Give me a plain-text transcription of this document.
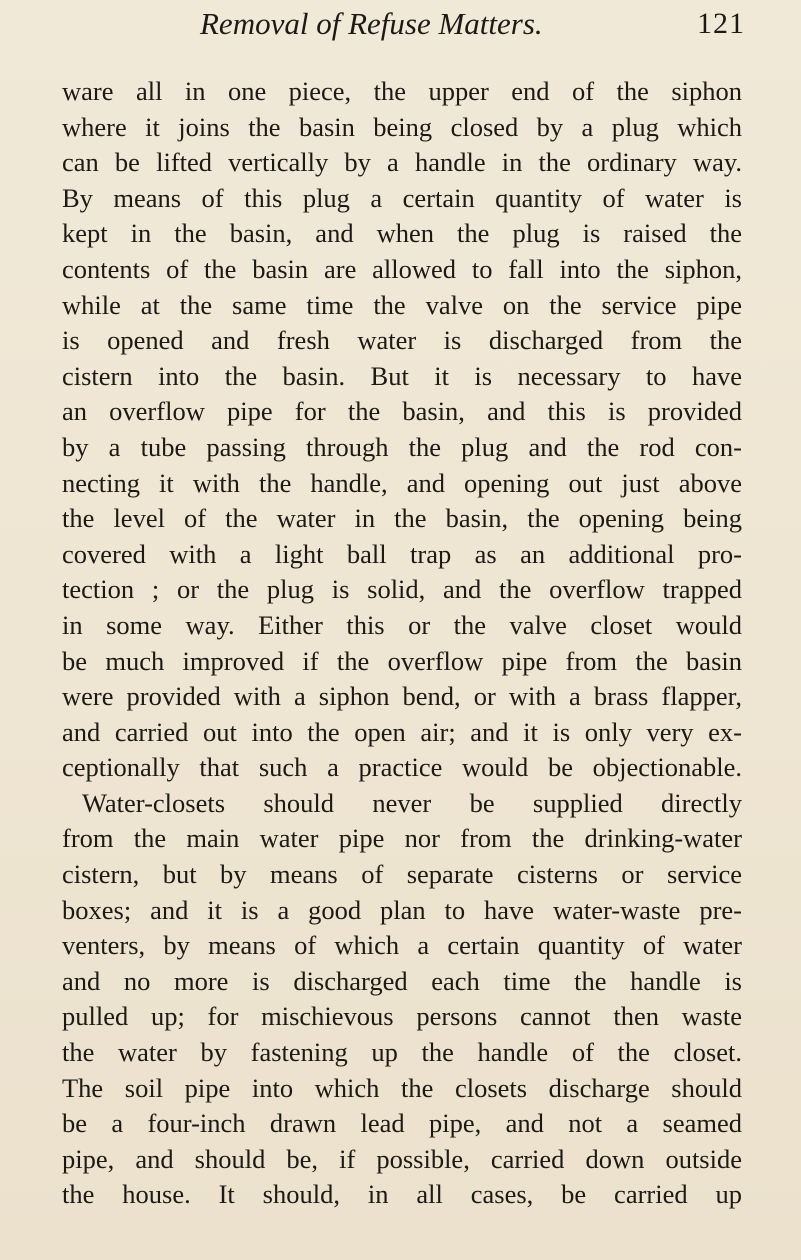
Removal of Refuse Matters.	121
ware all in one piece, the upper end of the siphon
where it joins the basin being closed by a plug which
can be lifted vertically by a handle in the ordinary way.
By means of this plug a certain quantity of water is
kept in the basin, and when the plug is raised the
contents of the basin are allowed to fall into the siphon,
while at the same time the valve on the service pipe
is opened and fresh water is discharged from the
cistern into the basin. But it is necessary to have
an overflow pipe for the basin, and this is provided
by a tube passing through the plug and the rod con-
necting it with the handle, and opening out just above
the level of the water in the basin, the opening being
covered with a light ball trap as an additional pro-
tection ; or the plug is solid, and the overflow trapped
in some way. Either this or the valve closet would
be much improved if the overflow pipe from the basin
were provided with a siphon bend, or with a brass flapper,
and carried out into the open air; and it is only very ex-
ceptionally that such a practice would be objectionable.
Water-closets should never be supplied directly
from the main water pipe nor from the drinking-water
cistern, but by means of separate cisterns or service
boxes; and it is a good plan to have water-waste pre-
venters, by means of which a certain quantity of water
and no more is discharged each time the handle is
pulled up; for mischievous persons cannot then waste
the water by fastening up the handle of the closet.
The soil pipe into which the closets discharge should
be a four-inch drawn lead pipe, and not a seamed
pipe, and should be, if possible, carried down outside
the house. It should, in all cases, be carried up
